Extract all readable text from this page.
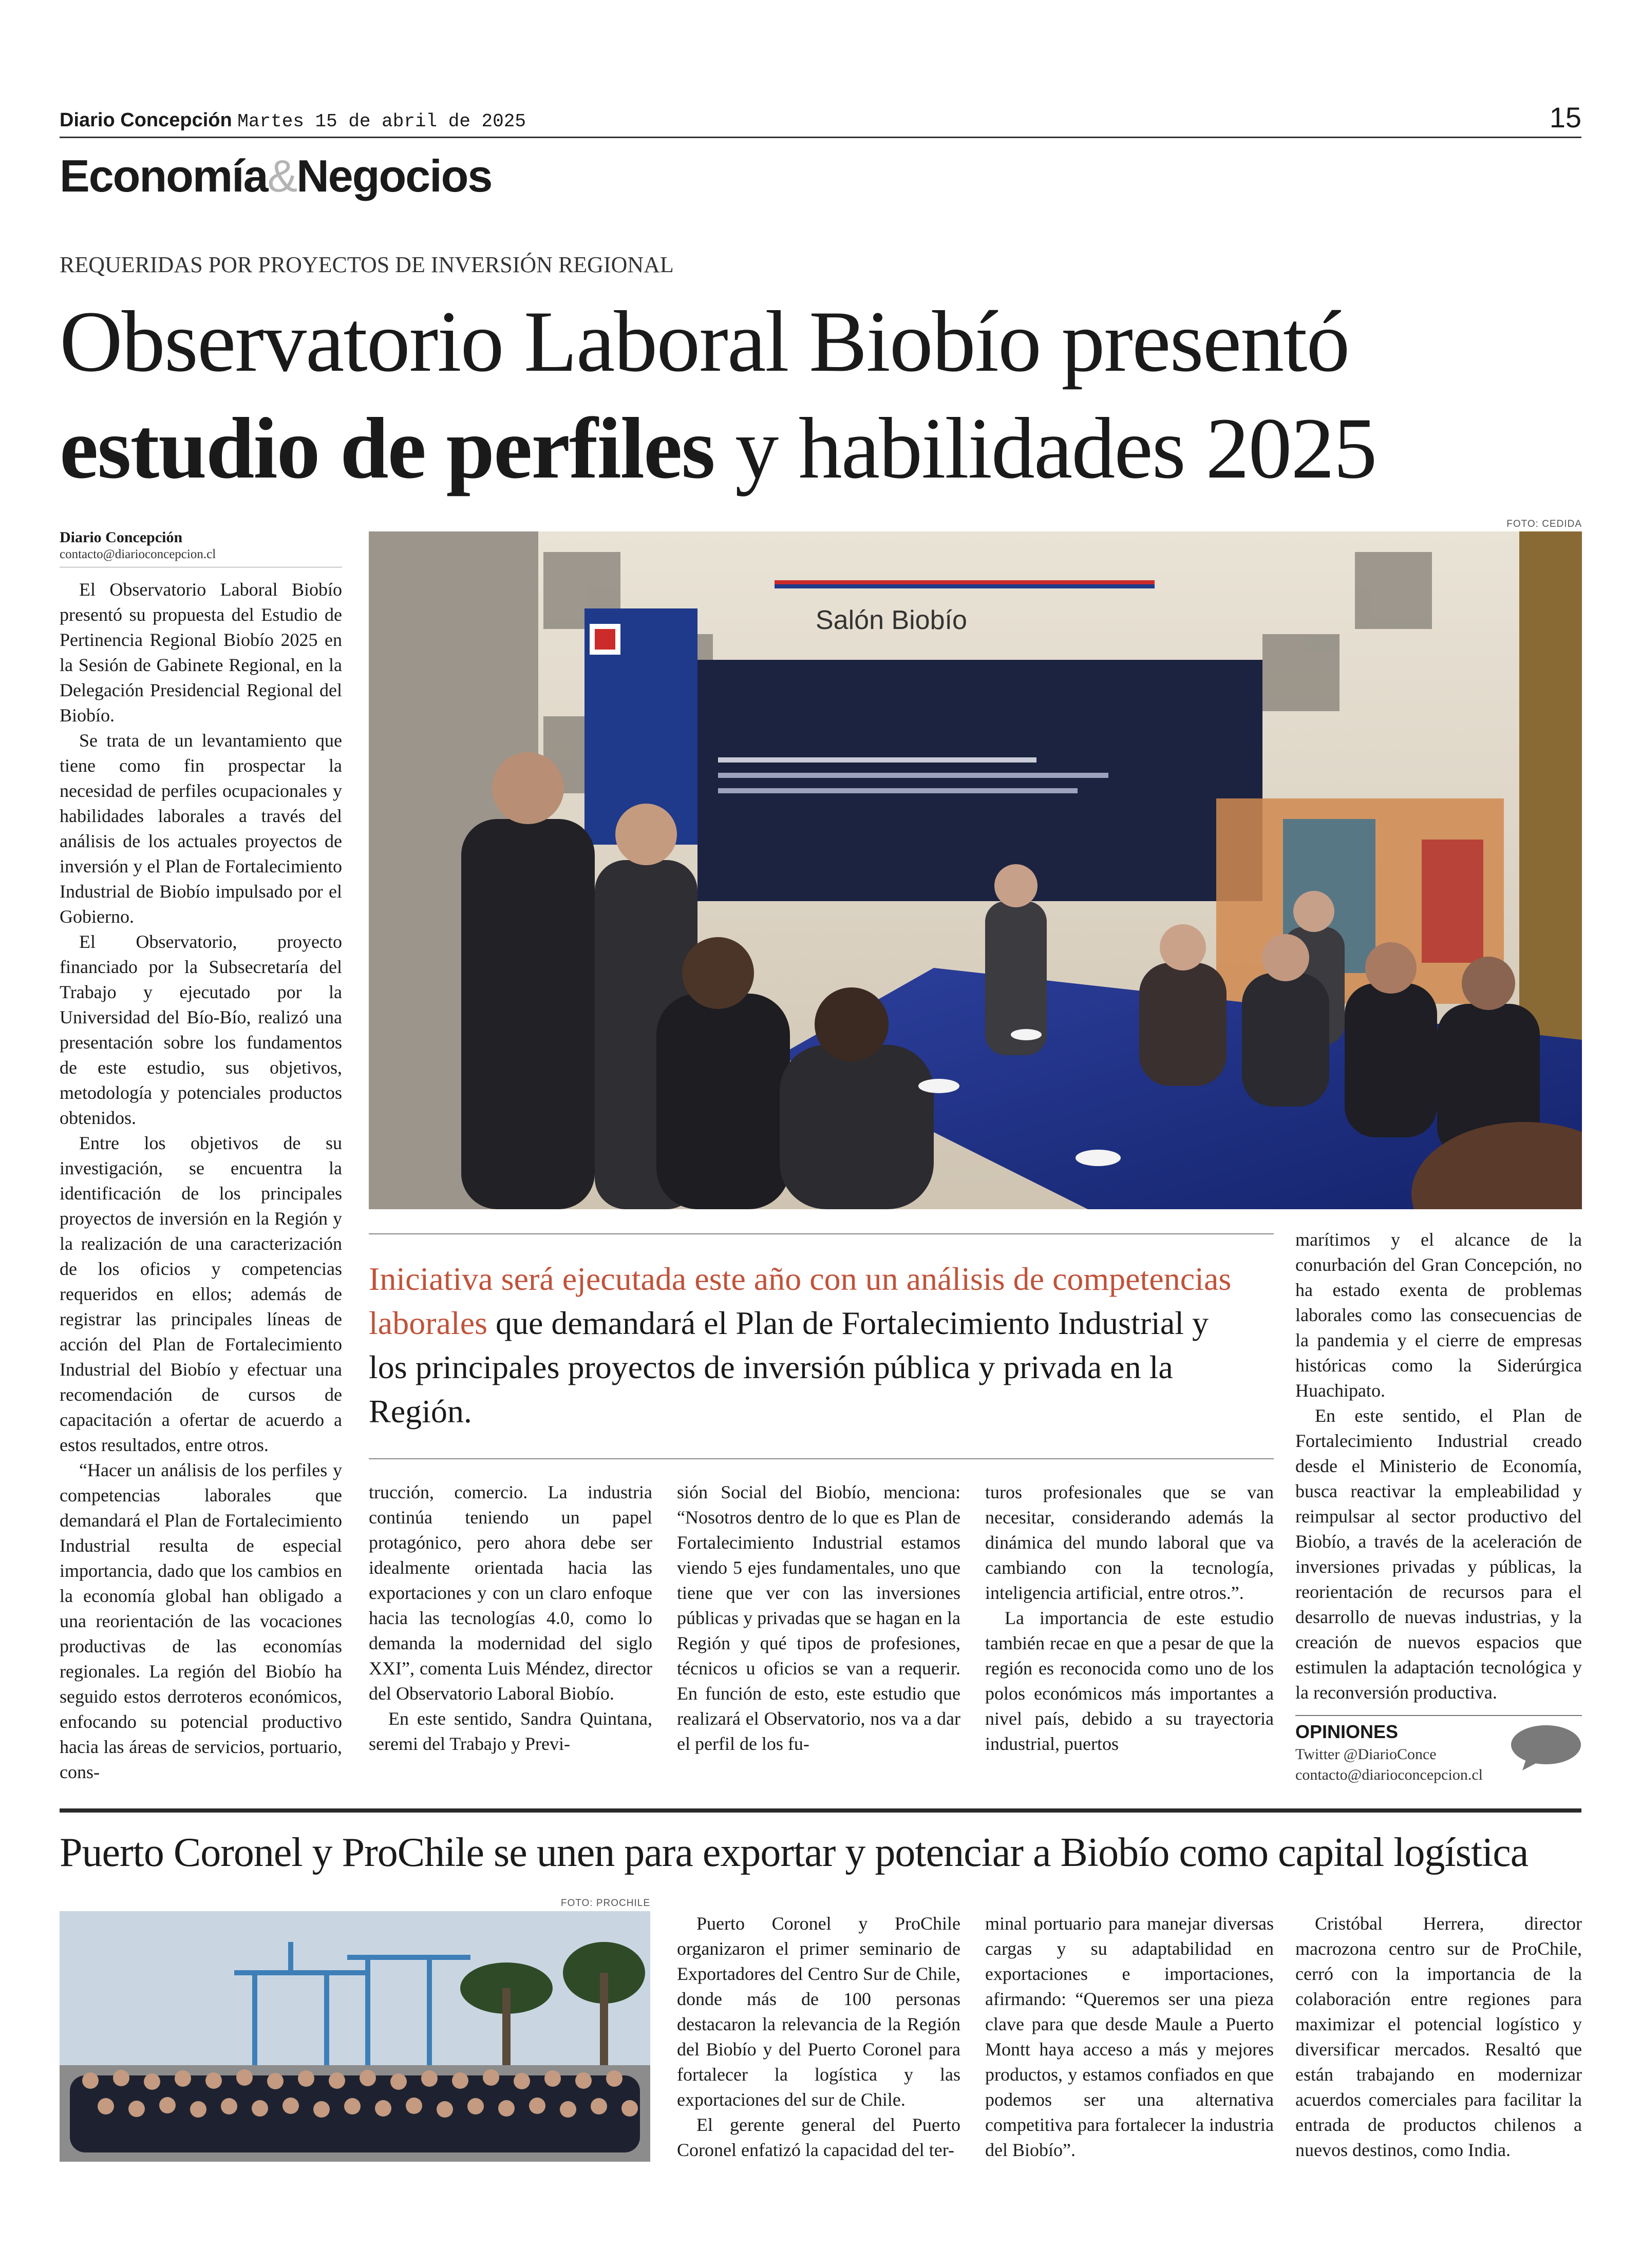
Diario Concepción Martes 15 de abril de 2025	15
Economía&Negocios
REQUERIDAS POR PROYECTOS DE INVERSIÓN REGIONAL
Observatorio Laboral Biobío presentó
estudio de perfiles y habilidades 2025
Diario Concepción
contacto@diarioconcepcion.cl
FOTO: CEDIDA
Salón Biobío

El Observatorio Laboral Biobío presentó su propuesta del Estudio de Pertinencia Regional Biobío 2025 en la Sesión de Gabinete Regional, en la Delegación Presidencial Regional del Biobío.

Se trata de un levantamiento que tiene como fin prospectar la necesidad de perfiles ocupacionales y habilidades laborales a través del análisis de los actuales proyectos de inversión y el Plan de Fortalecimiento Industrial de Biobío impulsado por el Gobierno.

El Observatorio, proyecto financiado por la Subsecretaría del Trabajo y ejecutado por la Universidad del Bío-Bío, realizó una presentación sobre los fundamentos de este estudio, sus objetivos, metodología y potenciales productos obtenidos.

Entre los objetivos de su investigación, se encuentra la identificación de los principales proyectos de inversión en la Región y la realización de una caracterización de los oficios y competencias requeridos en ellos; además de registrar las principales líneas de acción del Plan de Fortalecimiento Industrial del Biobío y efectuar una recomendación de cursos de capacitación a ofertar de acuerdo a estos resultados, entre otros.

“Hacer un análisis de los perfiles y competencias laborales que demandará el Plan de Fortalecimiento Industrial resulta de especial importancia, dado que los cambios en la economía global han obligado a una reorientación de las vocaciones productivas de las economías regionales. La región del Biobío ha seguido estos derroteros económicos, enfocando su potencial productivo hacia las áreas de servicios, portuario, cons-

Iniciativa será ejecutada este año con un análisis de competencias laborales que demandará el Plan de Fortalecimiento Industrial y los principales proyectos de inversión pública y privada en la Región.

trucción, comercio. La industria continúa teniendo un papel protagónico, pero ahora debe ser idealmente orientada hacia las exportaciones y con un claro enfoque hacia las tecnologías 4.0, como lo demanda la modernidad del siglo XXI”, comenta Luis Méndez, director del Observatorio Laboral Biobío.

En este sentido, Sandra Quintana, seremi del Trabajo y Previ-

sión Social del Biobío, menciona: “Nosotros dentro de lo que es Plan de Fortalecimiento Industrial estamos viendo 5 ejes fundamentales, uno que tiene que ver con las inversiones públicas y privadas que se hagan en la Región y qué tipos de profesiones, técnicos u oficios se van a requerir. En función de esto, este estudio que realizará el Observatorio, nos va a dar el perfil de los fu-

turos profesionales que se van necesitar, considerando además la dinámica del mundo laboral que va cambiando con la tecnología, inteligencia artificial, entre otros.”.

La importancia de este estudio también recae en que a pesar de que la región es reconocida como uno de los polos económicos más importantes a nivel país, debido a su trayectoria industrial, puertos

marítimos y el alcance de la conurbación del Gran Concepción, no ha estado exenta de problemas laborales como las consecuencias de la pandemia y el cierre de empresas históricas como la Siderúrgica Huachipato.

En este sentido, el Plan de Fortalecimiento Industrial creado desde el Ministerio de Economía, busca reactivar la empleabilidad y reimpulsar al sector productivo del Biobío, a través de la aceleración de inversiones privadas y públicas, la reorientación de recursos para el desarrollo de nuevas industrias, y la creación de nuevos espacios que estimulen la adaptación tecnológica y la reconversión productiva.

OPINIONES
Twitter @DiarioConce
contacto@diarioconcepcion.cl
Puerto Coronel y ProChile se unen para exportar y potenciar a Biobío como capital logística
FOTO: PROCHILE

Puerto Coronel y ProChile organizaron el primer seminario de Exportadores del Centro Sur de Chile, donde más de 100 personas destacaron la relevancia de la Región del Biobío y del Puerto Coronel para fortalecer la logística y las exportaciones del sur de Chile.

El gerente general del Puerto Coronel enfatizó la capacidad del ter-

minal portuario para manejar diversas cargas y su adaptabilidad en exportaciones e importaciones, afirmando: “Queremos ser una pieza clave para que desde Maule a Puerto Montt haya acceso a más y mejores productos, y estamos confiados en que podemos ser una alternativa competitiva para fortalecer la industria del Biobío”.

Cristóbal Herrera, director macrozona centro sur de ProChile, cerró con la importancia de la colaboración entre regiones para maximizar el potencial logístico y diversificar mercados. Resaltó que están trabajando en modernizar acuerdos comerciales para facilitar la entrada de productos chilenos a nuevos destinos, como India.
